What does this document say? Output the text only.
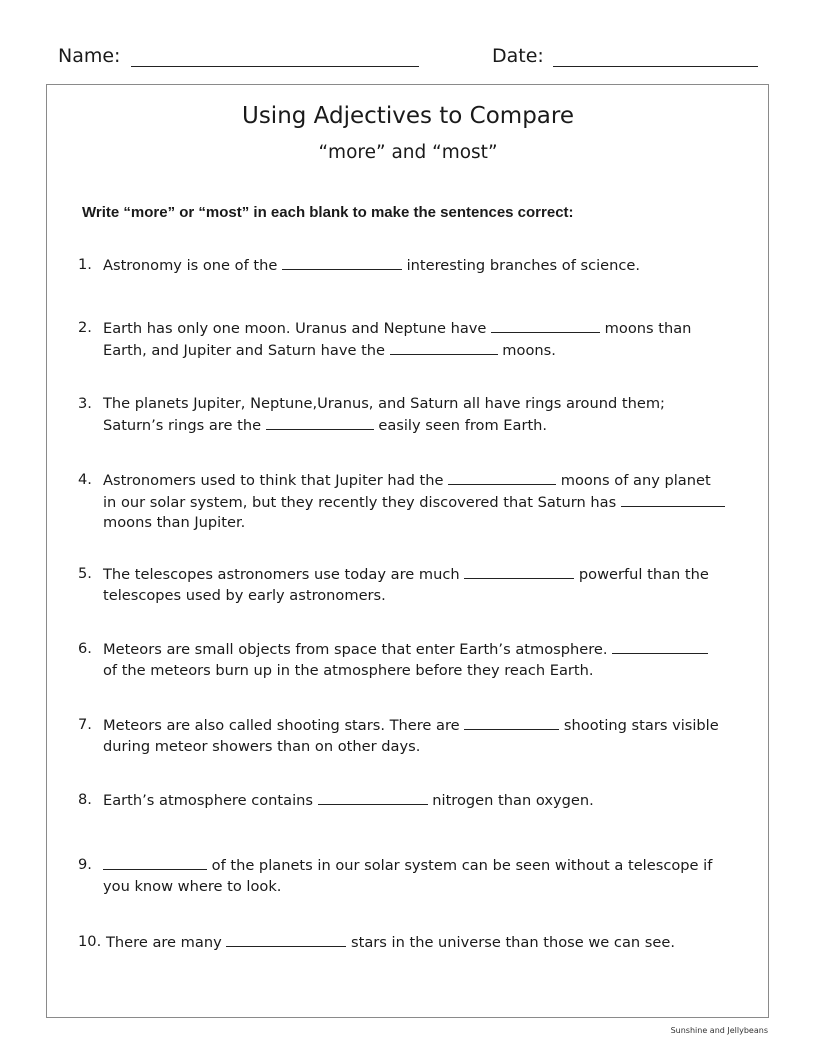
Name:	Date:
Using Adjectives to Compare
“more” and “most”
Write “more” or “most” in each blank to make the sentences correct:
1. Astronomy is one of the	interesting branches of science.
2. Earth has only one moon. Uranus and Neptune have	moons than
Earth, and Jupiter and Saturn have the	moons.
3. The planets Jupiter, Neptune,Uranus, and Saturn all have rings around them;
Saturn’s rings are the	easily seen from Earth.
4. Astronomers used to think that Jupiter had the	moons of any planet
in our solar system, but they recently they discovered that Saturn has
moons than Jupiter.
5. The telescopes astronomers use today are much	powerful than the
telescopes used by early astronomers.
6. Meteors are small objects from space that enter Earth’s atmosphere.
of the meteors burn up in the atmosphere before they reach Earth.
7. Meteors are also called shooting stars. There are	shooting stars visible
during meteor showers than on other days.
8. Earth’s atmosphere contains	nitrogen than oxygen.
9.	of the planets in our solar system can be seen without a telescope if
you know where to look.
10. There are many	stars in the universe than those we can see.
Sunshine and Jellybeans
